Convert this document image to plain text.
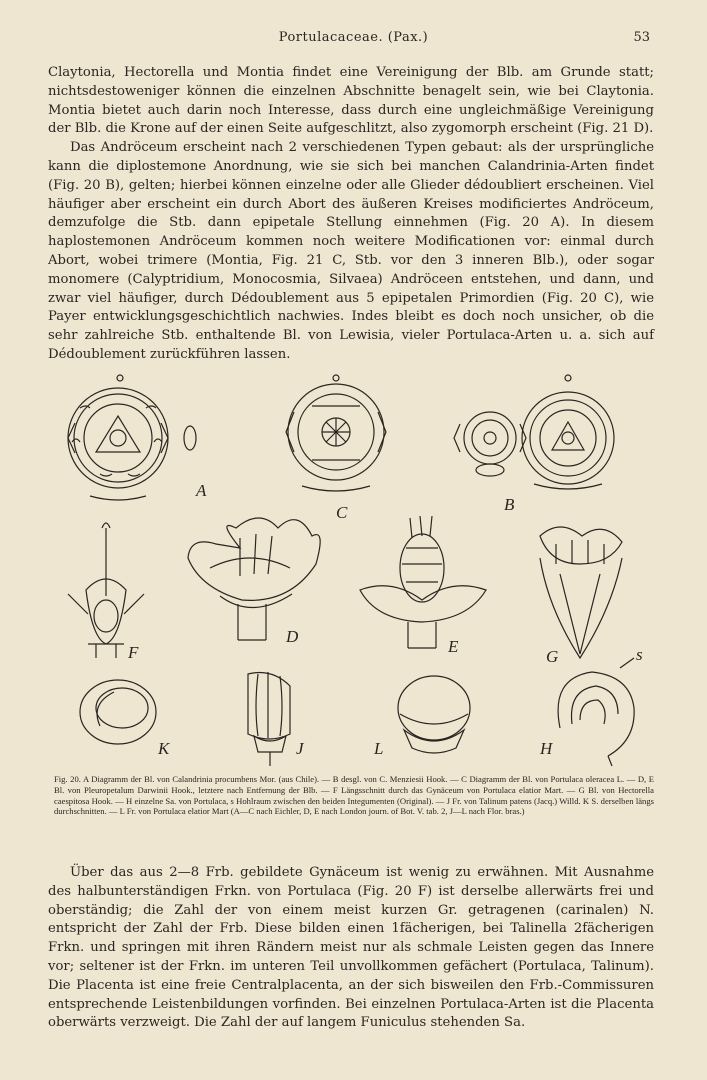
Portulacaceae. (Pax.)	53

Claytonia, Hectorella und Montia findet eine Vereinigung der Blb. am Grunde statt; nichtsdestoweniger können die einzelnen Abschnitte benagelt sein, wie bei Claytonia. Montia bietet auch darin noch Interesse, dass durch eine ungleichmäßige Vereinigung der Blb. die Krone auf der einen Seite aufgeschlitzt, also zygomorph erscheint (Fig. 21 D).

Das Andröceum erscheint nach 2 verschiedenen Typen gebaut: als der ursprüngliche kann die diplostemone Anordnung, wie sie sich bei manchen Calandrinia-Arten findet (Fig. 20 B), gelten; hierbei können einzelne oder alle Glieder dédoubliert erscheinen. Viel häufiger aber erscheint ein durch Abort des äußeren Kreises modificiertes Andröceum, demzufolge die Stb. dann epipetale Stellung einnehmen (Fig. 20 A). In diesem haplostemonen Andröceum kommen noch weitere Modificationen vor: einmal durch Abort, wobei trimere (Montia, Fig. 21 C, Stb. vor den 3 inneren Blb.), oder sogar monomere (Calyptridium, Monocosmia, Silvaea) Andröceen entstehen, und dann, und zwar viel häufiger, durch Dédoublement aus 5 epipetalen Primordien (Fig. 20 C), wie Payer entwicklungsgeschichtlich nachwies. Indes bleibt es doch noch unsicher, ob die sehr zahlreiche Stb. enthaltende Bl. von Lewisia, vieler Portulaca-Arten u. a. sich auf Dédoublement zurückführen lassen.

A
C	B
F
D
E
G
K	J	L	H
s

Fig. 20. A Diagramm der Bl. von Calandrinia procumbens Mor. (aus Chile). — B desgl. von C. Menziesii Hook. — C Diagramm der Bl. von Portulaca oleracea L. — D, E Bl. von Pleuropetalum Darwinii Hook., letztere nach Entfernung der Blb. — F Längsschnitt durch das Gynäceum von Portulaca elatior Mart. — G Bl. von Hectorella caespitosa Hook. — H einzelne Sa. von Portulaca, s Hohlraum zwischen den beiden Integumenten (Original). — J Fr. von Talinum patens (Jacq.) Willd. K S. derselben längs durchschnitten. — L Fr. von Portulaca elatior Mart (A—C nach Eichler, D, E nach London journ. of Bot. V. tab. 2, J—L nach Flor. bras.)

Über das aus 2—8 Frb. gebildete Gynäceum ist wenig zu erwähnen. Mit Ausnahme des halbunterständigen Frkn. von Portulaca (Fig. 20 F) ist derselbe allerwärts frei und oberständig; die Zahl der von einem meist kurzen Gr. getragenen (carinalen) N. entspricht der Zahl der Frb. Diese bilden einen 1fächerigen, bei Talinella 2fächerigen Frkn. und springen mit ihren Rändern meist nur als schmale Leisten gegen das Innere vor; seltener ist der Frkn. im unteren Teil unvollkommen gefächert (Portulaca, Talinum). Die Placenta ist eine freie Centralplacenta, an der sich bisweilen den Frb.-Commissuren entsprechende Leistenbildungen vorfinden. Bei einzelnen Portulaca-Arten ist die Placenta oberwärts verzweigt. Die Zahl der auf langem Funiculus stehenden Sa.
